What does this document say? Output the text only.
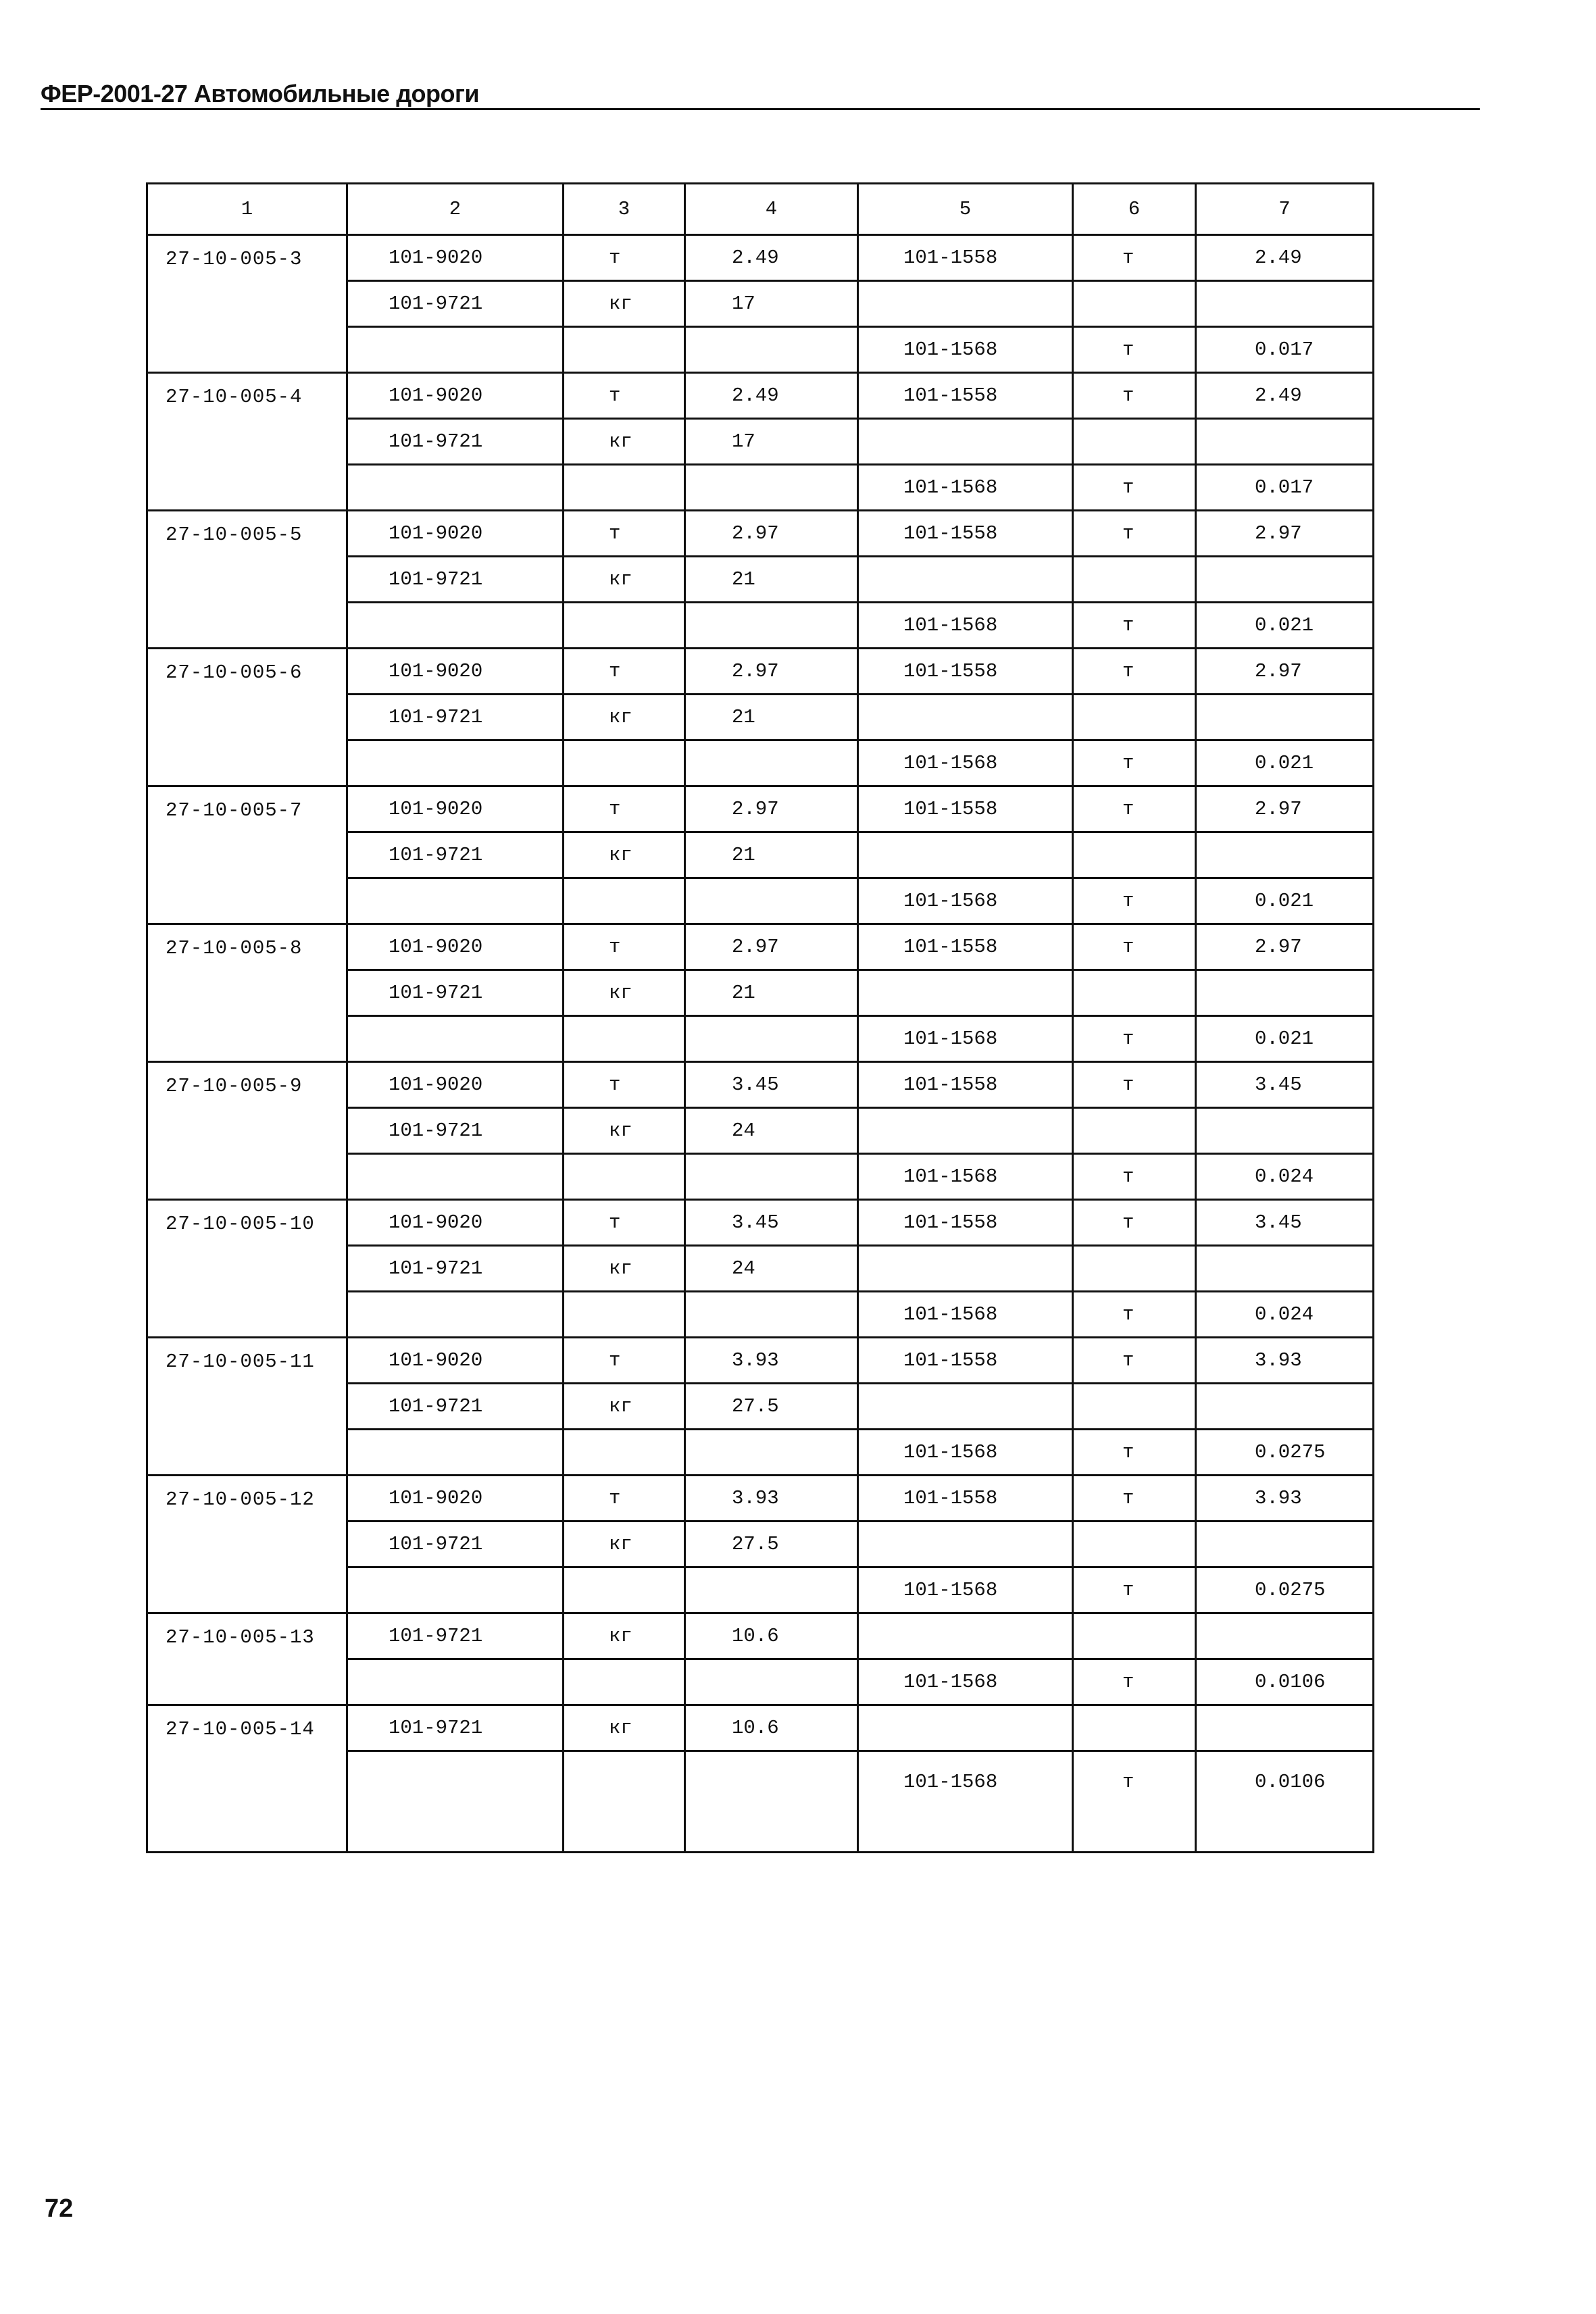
ФЕР-2001-27 Автомобильные дороги
1	2	3	4	5	6	7
27-10-005-3	101-9020	т	2.49	101-1558	т	2.49
	101-9721	кг	17			
				101-1568	т	0.017
27-10-005-4	101-9020	т	2.49	101-1558	т	2.49
	101-9721	кг	17			
				101-1568	т	0.017
27-10-005-5	101-9020	т	2.97	101-1558	т	2.97
	101-9721	кг	21			
				101-1568	т	0.021
27-10-005-6	101-9020	т	2.97	101-1558	т	2.97
	101-9721	кг	21			
				101-1568	т	0.021
27-10-005-7	101-9020	т	2.97	101-1558	т	2.97
	101-9721	кг	21			
				101-1568	т	0.021
27-10-005-8	101-9020	т	2.97	101-1558	т	2.97
	101-9721	кг	21			
				101-1568	т	0.021
27-10-005-9	101-9020	т	3.45	101-1558	т	3.45
	101-9721	кг	24			
				101-1568	т	0.024
27-10-005-10	101-9020	т	3.45	101-1558	т	3.45
	101-9721	кг	24			
				101-1568	т	0.024
27-10-005-11	101-9020	т	3.93	101-1558	т	3.93
	101-9721	кг	27.5			
				101-1568	т	0.0275
27-10-005-12	101-9020	т	3.93	101-1558	т	3.93
	101-9721	кг	27.5			
				101-1568	т	0.0275
27-10-005-13	101-9721	кг	10.6			
				101-1568	т	0.0106
27-10-005-14	101-9721	кг	10.6			
				101-1568	т	0.0106
72
